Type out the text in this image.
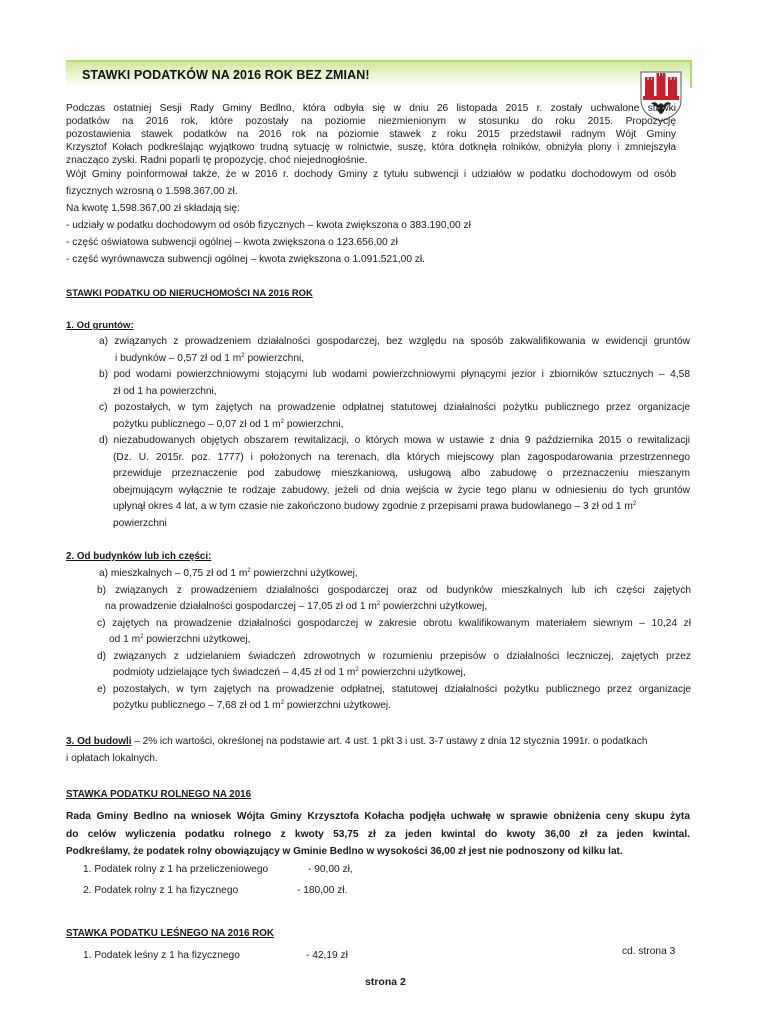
STAWKI PODATKÓW NA 2016 ROK BEZ ZMIAN!
Podczas ostatniej Sesji Rady Gminy Bedlno, która odbyła się w dniu 26 listopada 2015 r. zostały uchwalone stawki
podatków na 2016 rok, które pozostały na poziomie niezmienionym w stosunku do roku 2015. Propozycję
pozostawienia stawek podatków na 2016 rok na poziomie stawek z roku 2015 przedstawił radnym Wójt Gminy
Krzysztof Kołach podkreślając wyjątkowo trudną sytuację w rolnictwie, suszę, która dotknęła rolników, obniżyła plony i zmniejszyła
znacząco zyski. Radni poparli tę propozycję, choć niejednogłośnie.
Wójt Gminy poinformował także, że w 2016 r. dochody Gminy z tytułu subwencji i udziałów w podatku dochodowym od osób
fizycznych wzrosną o 1.598.367,00 zł.
Na kwotę 1.598.367,00 zł składają się:
- udziały w podatku dochodowym od osób fizycznych – kwota zwiększona o 383.190,00 zł
- część oświatowa subwencji ogólnej – kwota zwiększona o 123.656,00 zł
- część wyrównawcza subwencji ogólnej – kwota zwiększona o 1.091.521,00 zł.
STAWKI PODATKU OD NIERUCHOMOŚCI NA 2016 ROK
1. Od gruntów:
a) związanych z prowadzeniem działalności gospodarczej, bez względu na sposób zakwalifikowania w ewidencji gruntów
i budynków – 0,57 zł od 1 $m^2$ powierzchni,
b) pod wodami powierzchniowymi stojącymi lub wodami powierzchniowymi płynącymi jezior i zbiorników sztucznych – 4,58
zł od 1 ha powierzchni,
c) pozostałych, w tym zajętych na prowadzenie odpłatnej statutowej działalności pożytku publicznego przez organizacje
pożytku publicznego – 0,07 zł od 1 $m^2$ powierzchni,
d) niezabudowanych objętych obszarem rewitalizacji, o których mowa w ustawie z dnia 9 października 2015 o rewitalizacji
(Dz. U. 2015r. poz. 1777) i położonych na terenach, dla których miejscowy plan zagospodarowania przestrzennego
przewiduje przeznaczenie pod zabudowę mieszkaniową, usługową albo zabudowę o przeznaczeniu mieszanym
obejmującym wyłącznie te rodzaje zabudowy, jeżeli od dnia wejścia w życie tego planu w odniesieniu do tych gruntów
upłynął okres 4 lat, a w tym czasie nie zakończono budowy zgodnie z przepisami prawa budowlanego – 3 zł od 1 $m^2$
powierzchni
2. Od budynków lub ich części:
a) mieszkalnych – 0,75 zł od 1 $m^2$ powierzchni użytkowej,
b) związanych z prowadzeniem działalności gospodarczej oraz od budynków mieszkalnych lub ich części zajętych
na prowadzenie działalności gospodarczej – 17,05 zł od 1 $m^2$ powierzchni użytkowej,
c) zajętych na prowadzenie działalności gospodarczej w zakresie obrotu kwalifikowanym materiałem siewnym – 10,24 zł
od 1 $m^2$ powierzchni użytkowej,
d) związanych z udzielaniem świadczeń zdrowotnych w rozumieniu przepisów o działalności leczniczej, zajętych przez
podmioty udzielające tych świadczeń – 4,45 zł od 1 $m^2$ powierzchni użytkowej,
e) pozostałych, w tym zajętych na prowadzenie odpłatnej, statutowej działalności pożytku publicznego przez organizacje
pożytku publicznego – 7,68 zł od 1 $m^2$ powierzchni użytkowej.
3. Od budowli – 2% ich wartości, określonej na podstawie art. 4 ust. 1 pkt 3 i ust. 3-7 ustawy z dnia 12 stycznia 1991r. o podatkach
i opłatach lokalnych.
STAWKA PODATKU ROLNEGO NA 2016
Rada Gminy Bedlno na wniosek Wójta Gminy Krzysztofa Kołacha podjęła uchwałę w sprawie obniżenia ceny skupu żyta
do celów wyliczenia podatku rolnego z kwoty 53,75 zł za jeden kwintal do kwoty 36,00 zł za jeden kwintal.
Podkreślamy, że podatek rolny obowiązujący w Gminie Bedlno w wysokości 36,00 zł jest nie podnoszony od kilku lat.
1. Podatek rolny z 1 ha przeliczeniowego	- 90,00 zł,
2. Podatek rolny z 1 ha fizycznego	- 180,00 zł.
STAWKA PODATKU LEŚNEGO NA 2016 ROK
1. Podatek leśny z 1 ha fizycznego	- 42,19 zł	cd. strona 3
strona 2
